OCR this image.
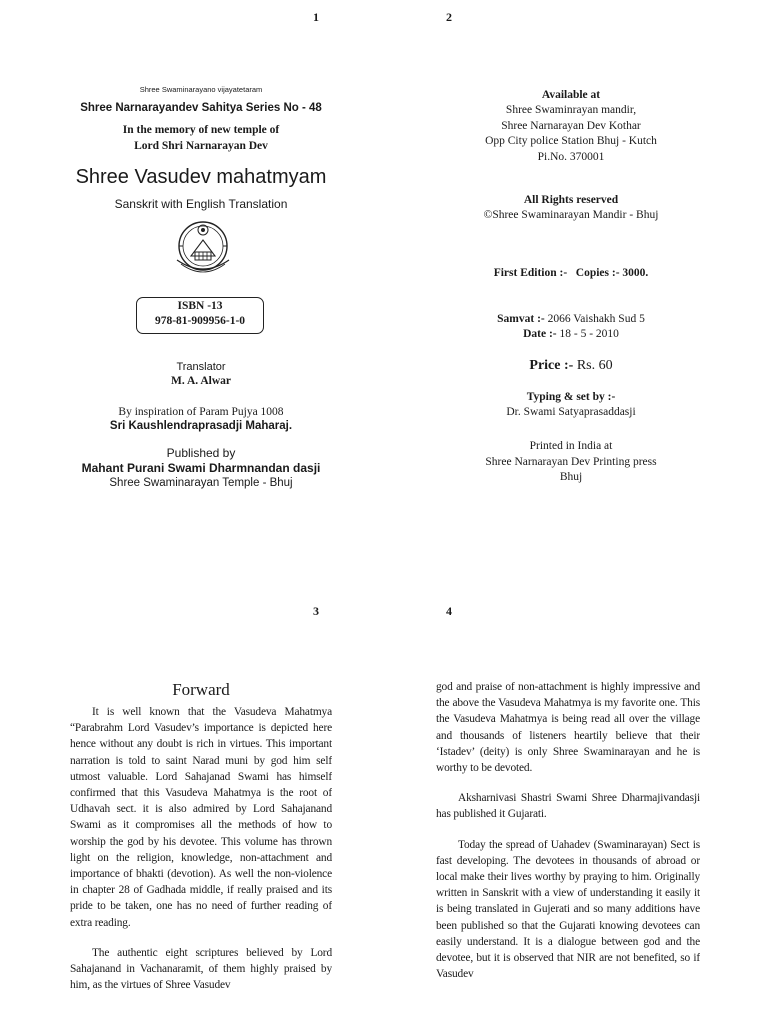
1	2
3	4
Shree Swaminarayano vijayatetaram
Shree Narnarayandev Sahitya Series No - 48
In the memory of new temple of
Lord Shri Narnarayan Dev
Shree Vasudev mahatmyam
Sanskrit with English Translation
ISBN -13
978-81-909956-1-0
Translator
M. A. Alwar
By inspiration of Param Pujya 1008
Sri Kaushlendraprasadji Maharaj.
Published by
Mahant Purani Swami Dharmnandan dasji
Shree Swaminarayan Temple - Bhuj
Available at
Shree Swaminrayan mandir,
Shree Narnarayan Dev Kothar
Opp City police Station Bhuj - Kutch
Pi.No. 370001
All Rights reserved
©Shree Swaminarayan Mandir - Bhuj
First Edition :-   Copies :- 3000.
Samvat :- 2066 Vaishakh Sud 5
Date :- 18 - 5 - 2010
Price :- Rs. 60
Typing & set by :-
Dr. Swami Satyaprasaddasji
Printed in India at
Shree Narnarayan Dev Printing press
Bhuj
Forward

It is well known that the Vasudeva Mahatmya “Parabrahm Lord Vasudev’s importance is depicted here hence without any doubt is rich in virtues. This important narration is told to saint Narad muni by god him self utmost valuable. Lord Sahajanad Swami has himself confirmed that this Vasudeva Mahatmya is the root of Udhavah sect. it is also admired by Lord Sahajanand Swami as it compromises all the methods of how to worship the god by his devotee. This volume has thrown light on the religion, knowledge, non-attachment and importance of bhakti (devotion). As well the non-violence in chapter 28 of Gadhada middle, if really praised and its pride to be taken, one has no need of further reading of extra reading.

The authentic eight scriptures believed by Lord Sahajanand in Vachanaramit, of them highly praised by him, as the virtues of Shree Vasudev

god and praise of non-attachment is highly impressive and the above the Vasudeva Mahatmya is my favorite one. This the Vasudeva Mahatmya is being read all over the village and thousands of listeners heartily believe that their ‘Istadev’ (deity) is only Shree Swaminarayan and he is worthy to be devoted.

Aksharnivasi Shastri Swami Shree Dharmajivandasji has published it Gujarati.

Today the spread of Uahadev (Swaminarayan) Sect is fast developing. The devotees in thousands of abroad or local make their lives worthy by praying to him. Originally written in Sanskrit with a view of understanding it easily it is being translated in Gujerati and so many additions have been published so that the Gujarati knowing devotees can easily understand. It is a dialogue between god and the devotee, but it is observed that NIR are not benefited, so if Vasudev
